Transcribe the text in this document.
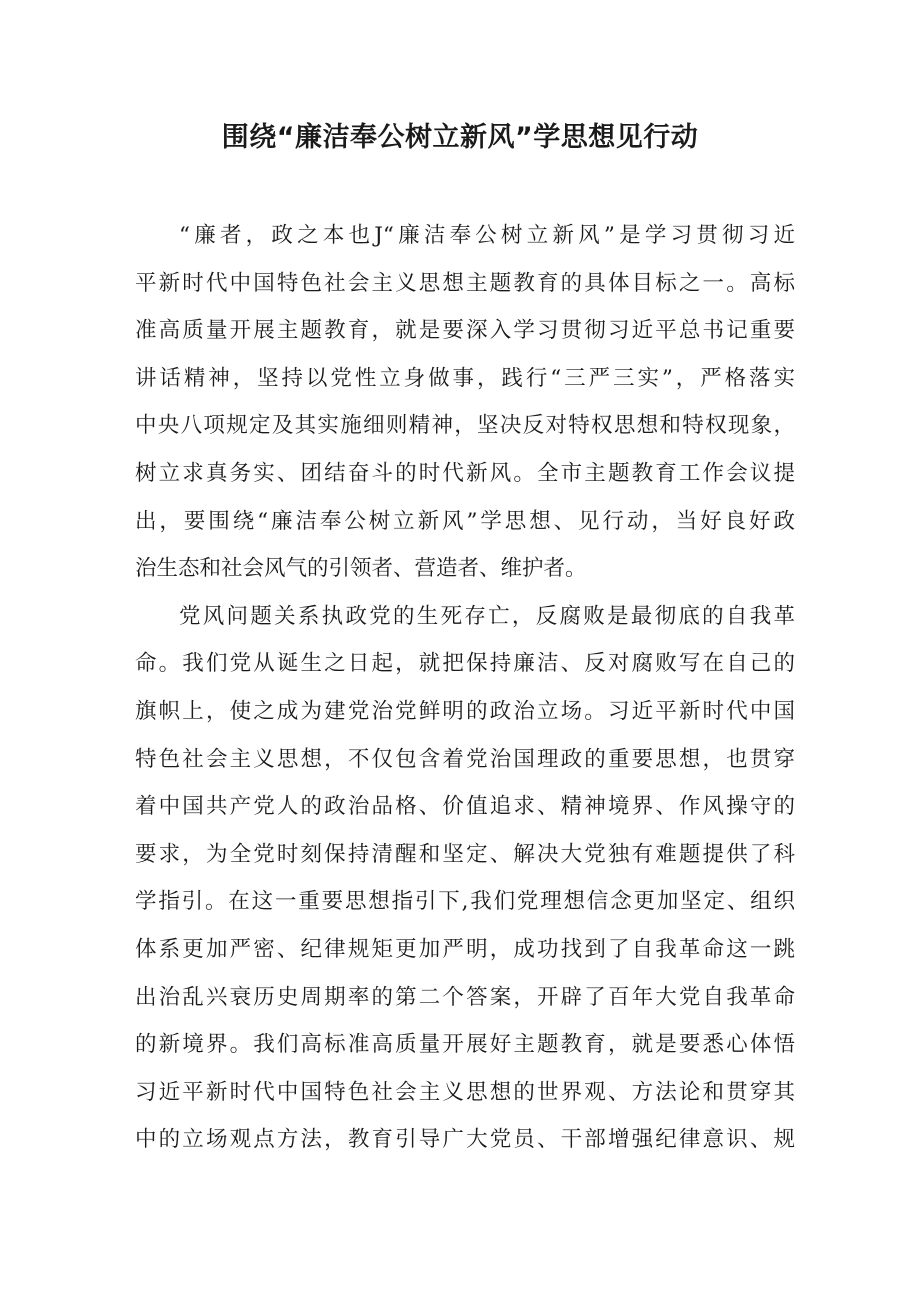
围绕“廉洁奉公树立新风”学思想见行动
“廉者，政之本也J“廉洁奉公树立新风”是学习贯彻习近
平新时代中国特色社会主义思想主题教育的具体目标之一。高标
准高质量开展主题教育，就是要深入学习贯彻习近平总书记重要
讲话精神，坚持以党性立身做事，践行“三严三实”，严格落实
中央八项规定及其实施细则精神，坚决反对特权思想和特权现象，
树立求真务实、团结奋斗的时代新风。全市主题教育工作会议提
出，要围绕“廉洁奉公树立新风”学思想、见行动，当好良好政
治生态和社会风气的引领者、营造者、维护者。
党风问题关系执政党的生死存亡，反腐败是最彻底的自我革
命。我们党从诞生之日起，就把保持廉洁、反对腐败写在自己的
旗帜上，使之成为建党治党鲜明的政治立场。习近平新时代中国
特色社会主义思想，不仅包含着党治国理政的重要思想，也贯穿
着中国共产党人的政治品格、价值追求、精神境界、作风操守的
要求，为全党时刻保持清醒和坚定、解决大党独有难题提供了科
学指引。在这一重要思想指引下,我们党理想信念更加坚定、组织
体系更加严密、纪律规矩更加严明，成功找到了自我革命这一跳
出治乱兴衰历史周期率的第二个答案，开辟了百年大党自我革命
的新境界。我们高标准高质量开展好主题教育，就是要悉心体悟
习近平新时代中国特色社会主义思想的世界观、方法论和贯穿其
中的立场观点方法，教育引导广大党员、干部增强纪律意识、规
